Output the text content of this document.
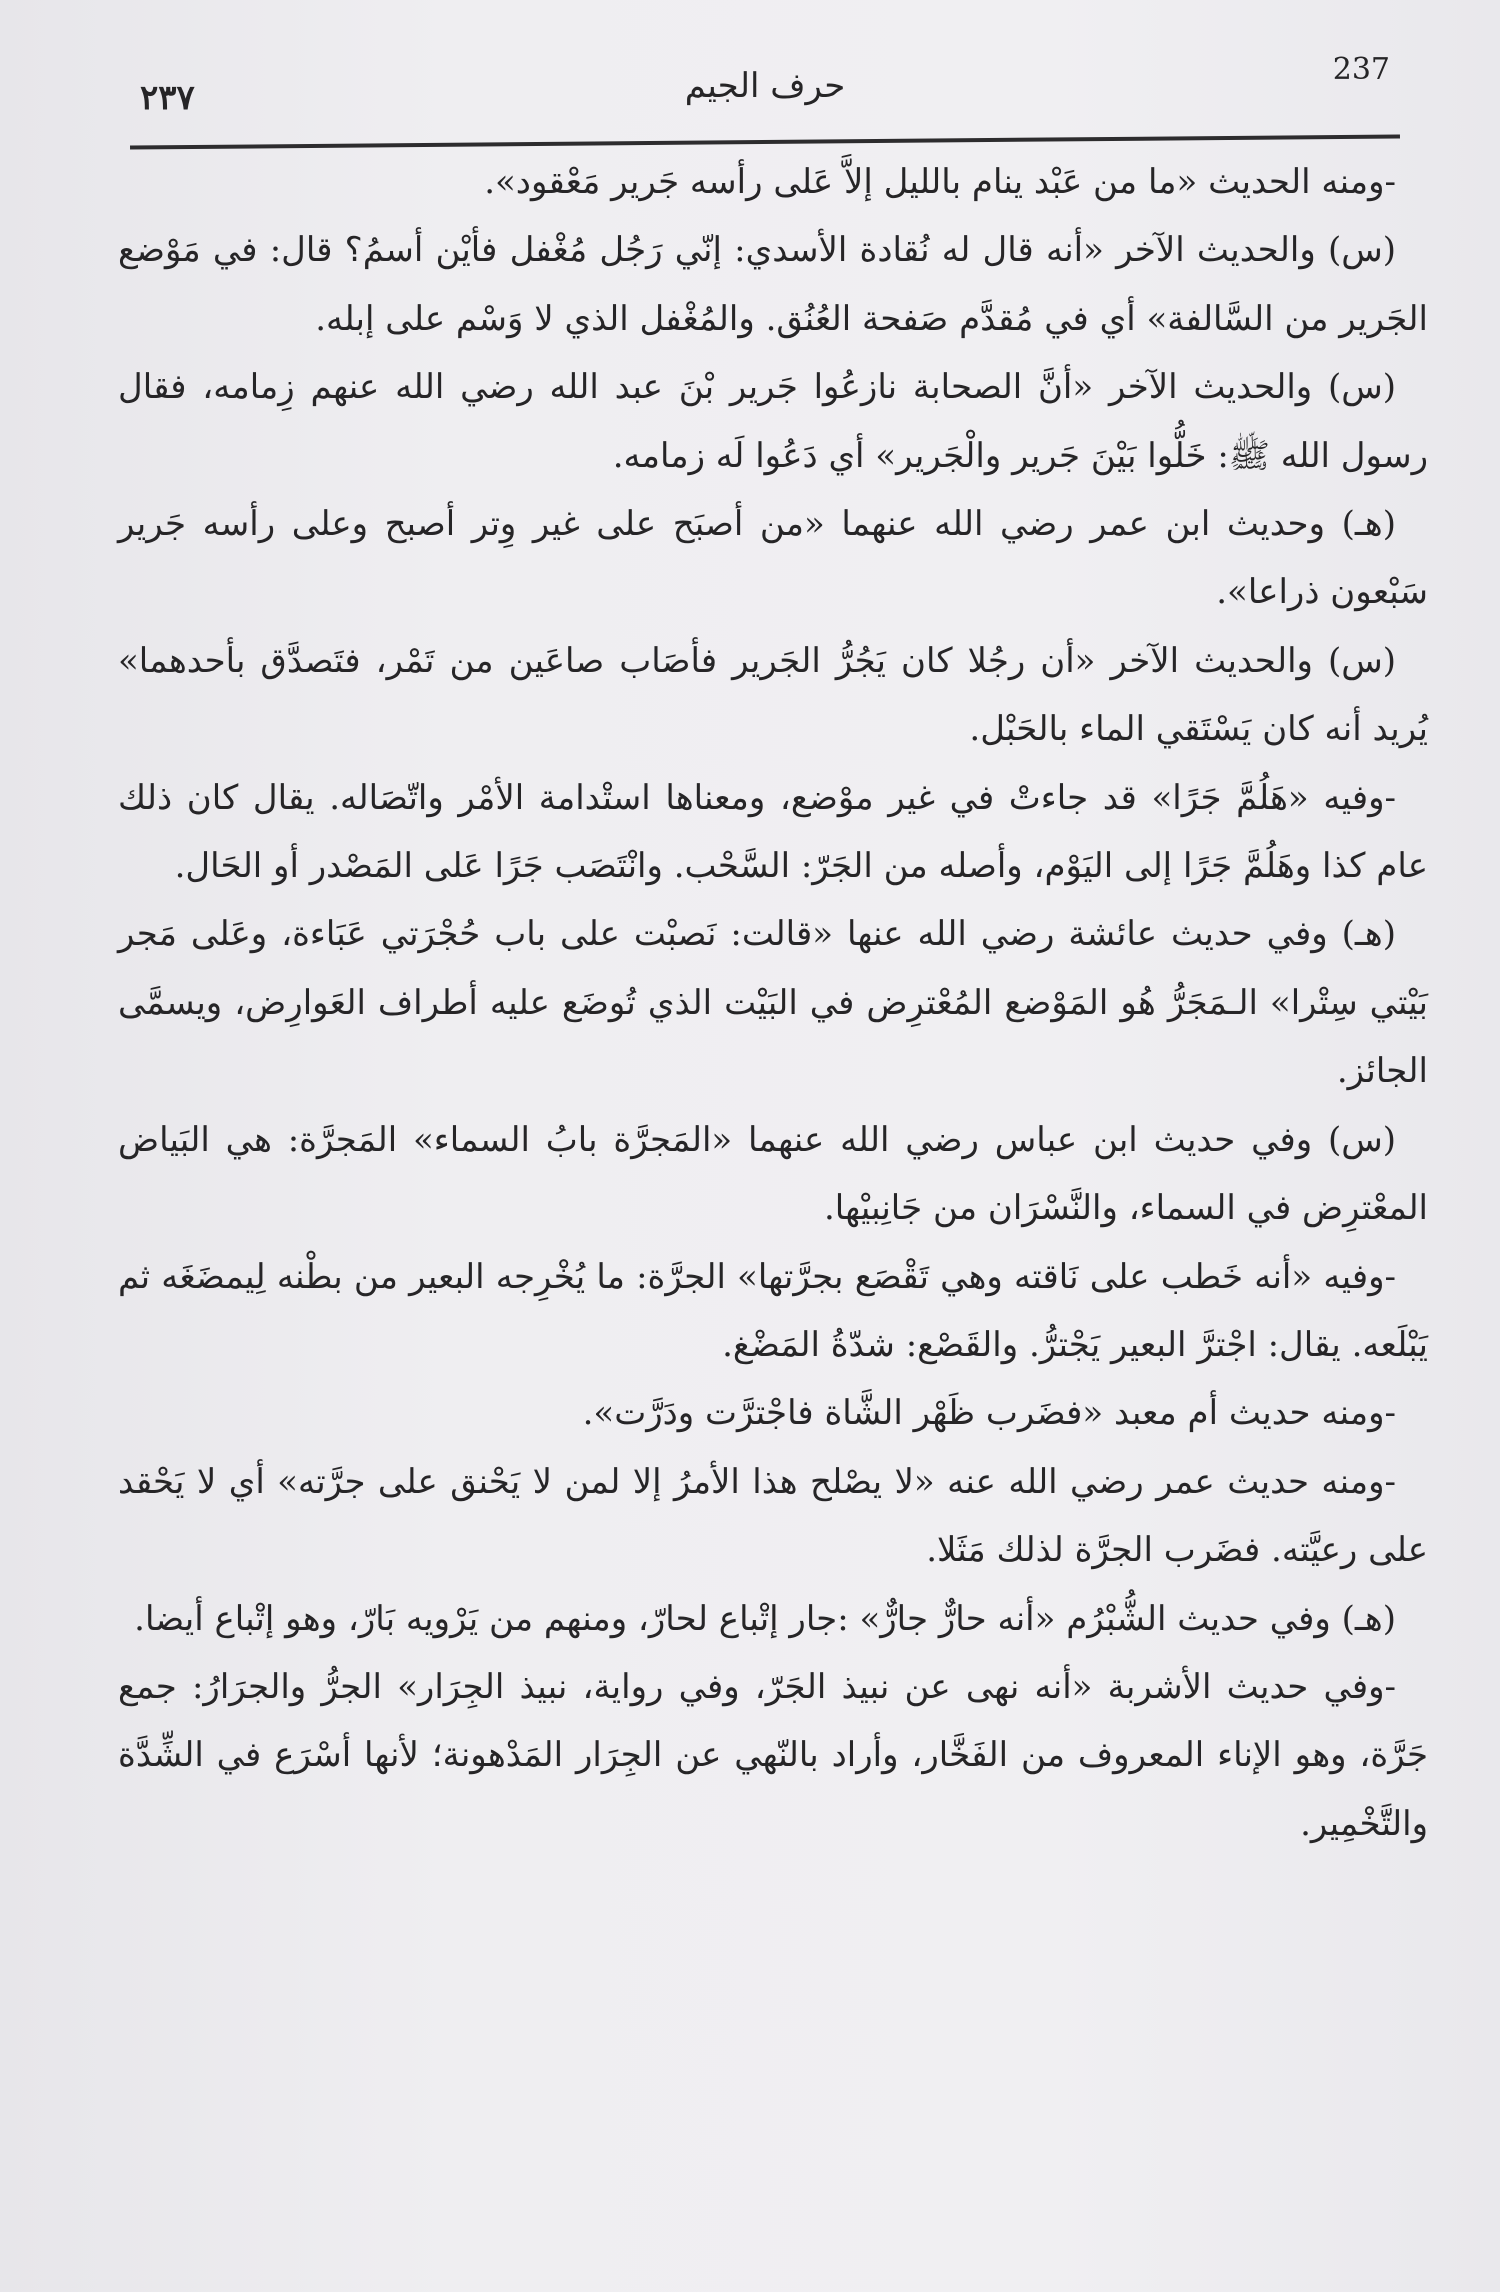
237
حرف الجيم
٢٣٧

-ومنه الحديث «ما من عَبْد ينام بالليل إلاَّ عَلى رأسه جَرير مَعْقود».

(س) والحديث الآخر «أنه قال له نُقادة الأسدي: إنّي رَجُل مُغْفل فأيْن أسمُ؟ قال: في مَوْضع الجَرير من السَّالفة» أي في مُقدَّم صَفحة العُنُق. والمُغْفل الذي لا وَسْم على إبله.

(س) والحديث الآخر «أنَّ الصحابة نازعُوا جَرير بْنَ عبد الله رضي الله عنهم زِمامه، فقال رسول الله ﷺ: خَلُّوا بَيْنَ جَرير والْجَرير» أي دَعُوا لَه زمامه.

(هـ) وحديث ابن عمر رضي الله عنهما «من أصبَح على غير وِتر أصبح وعلى رأسه جَرير سَبْعون ذراعا».

(س) والحديث الآخر «أن رجُلا كان يَجُرُّ الجَرير فأصَاب صاعَين من تَمْر، فتَصدَّق بأحدهما» يُريد أنه كان يَسْتَقي الماء بالحَبْل.

-وفيه «هَلُمَّ جَرًا» قد جاءتْ في غير موْضع، ومعناها استْدامة الأمْر واتّصَاله. يقال كان ذلك عام كذا وهَلُمَّ جَرًا إلى اليَوْم، وأصله من الجَرّ: السَّحْب. وانْتَصَب جَرًا عَلى المَصْدر أو الحَال.

(هـ) وفي حديث عائشة رضي الله عنها «قالت: نَصبْت على باب حُجْرَتي عَبَاءة، وعَلى مَجر بَيْتي سِتْرا» الـمَجَرُّ هُو المَوْضع المُعْترِض في البَيْت الذي تُوضَع عليه أطراف العَوارِض، ويسمَّى الجائز.

(س) وفي حديث ابن عباس رضي الله عنهما «المَجرَّة بابُ السماء» المَجرَّة: هي البَياض المعْترِض في السماء، والنَّسْرَان من جَانِبيْها.

-وفيه «أنه خَطب على نَاقته وهي تَقْصَع بجرَّتها» الجرَّة: ما يُخْرِجه البعير من بطْنه لِيمضَغَه ثم يَبْلَعه. يقال: اجْترَّ البعير يَجْترُّ. والقَصْع: شدّةُ المَضْغ.

-ومنه حديث أم معبد «فضَرب ظَهْر الشَّاة فاجْترَّت ودَرَّت».

-ومنه حديث عمر رضي الله عنه «لا يصْلح هذا الأمرُ إلا لمن لا يَحْنق على جرَّته» أي لا يَحْقد على رعيَّته. فضَرب الجرَّة لذلك مَثَلا.

(هـ) وفي حديث الشُّبْرُم «أنه حارٌّ جارٌّ» :جار إتْباع لحارّ، ومنهم من يَرْويه بَارّ، وهو إتْباع أيضا.

-وفي حديث الأشربة «أنه نهى عن نبيذ الجَرّ، وفي رواية، نبيذ الجِرَار» الجرُّ والجرَارُ: جمع جَرَّة، وهو الإناء المعروف من الفَخَّار، وأراد بالنّهي عن الجِرَار المَدْهونة؛ لأنها أسْرَع في الشِّدَّة والتَّخْمِير.
